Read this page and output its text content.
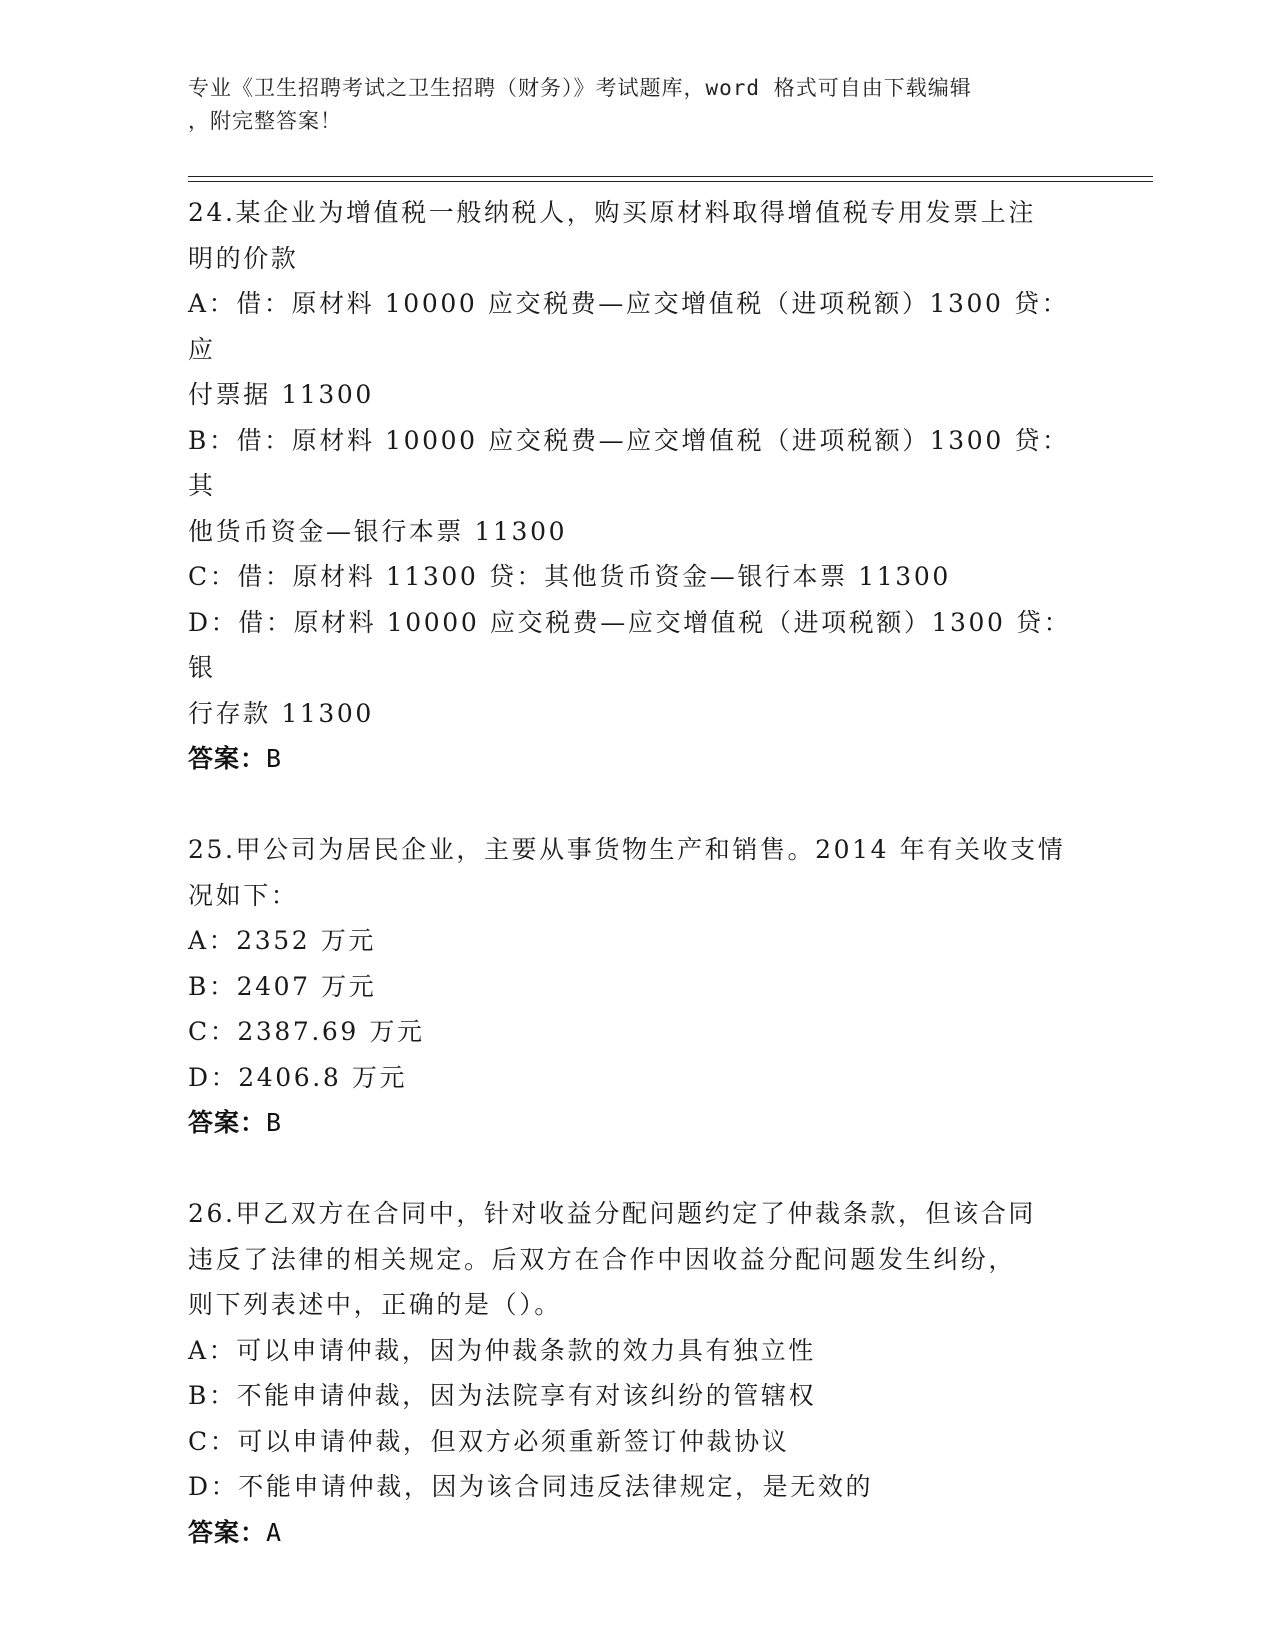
专业《卫生招聘考试之卫生招聘（财务）》考试题库，word 格式可自由下载编辑
，附完整答案！
24.某企业为增值税一般纳税人，购买原材料取得增值税专用发票上注
明的价款
A：借：原材料 10000 应交税费—应交增值税（进项税额）1300 贷：应
付票据 11300
B：借：原材料 10000 应交税费—应交增值税（进项税额）1300 贷：其
他货币资金—银行本票 11300
C：借：原材料 11300 贷：其他货币资金—银行本票 11300
D：借：原材料 10000 应交税费—应交增值税（进项税额）1300 贷：银
行存款 11300
答案：B
25.甲公司为居民企业，主要从事货物生产和销售。2014 年有关收支情
况如下：
A：2352 万元
B：2407 万元
C：2387.69 万元
D：2406.8 万元
答案：B
26.甲乙双方在合同中，针对收益分配问题约定了仲裁条款，但该合同
违反了法律的相关规定。后双方在合作中因收益分配问题发生纠纷，
则下列表述中，正确的是（）。
A：可以申请仲裁，因为仲裁条款的效力具有独立性
B：不能申请仲裁，因为法院享有对该纠纷的管辖权
C：可以申请仲裁，但双方必须重新签订仲裁协议
D：不能申请仲裁，因为该合同违反法律规定，是无效的
答案：A
